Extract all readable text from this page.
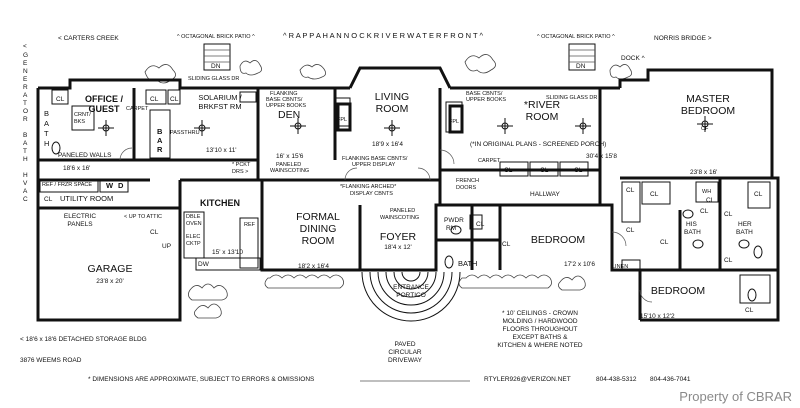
< CARTERS CREEK	^ OCTAGONAL BRICK PATIO ^	^ R A P P A H A N N O C K R I V E R W A T E R F R O N T ^	^ OCTAGONAL BRICK PATIO ^	NORRIS BRIDGE >
<
G
E
N
E
R
A
T
O
R
B
A
T
H
H
V
A
C
DN	DN
DOCK ^
OFFICE / GUEST
B
A
T
H
CL	CL CL
CRNT/ BKS
CARPET
B
A
R
PASSTHRU
PANELED WALLS
18'6 x 16'
REF / FRZR SPACE W D
CL UTILITY ROOM
ELECTRIC PANELS
< UP TO ATTIC
CL
UP
GARAGE
23'8 x 20'
< 18'6 x 18'6 DETACHED STORAGE BLDG
SOLARIUM / BRKFST RM
13'10 x 11'
* PCKT DRS >
KITCHEN
DBLE OVEN
ELEC CKTP
REF
DW
15' x 13'10
DEN
16' x 15'6
FLANKING BASE CBNTS/ UPPER BOOKS
PANELED WAINSCOTING
FPL	FPL
FORMAL DINING ROOM
18'2 x 16'4
LIVING ROOM
18'9 x 16'4
FLANKING BASE CBNTS/ UPPER DISPLAY
*FLANKING ARCHED* DISPLAY CBNTS
PANELED WAINSCOTING
FOYER
18'4 x 12'
ENTRANCE PORTICO
*RIVER ROOM
BASE CBNTS/ UPPER BOOKS
(*IN ORIGINAL PLANS - SCREENED PORCH)
30'4 x 15'8
CARPET
FRENCH DOORS
CL	CL	CL
HALLWAY
PWDR RM
CL
BATH
CL BEDROOM
17'2 x 10'6	LINEN
MASTER BEDROOM
CF
23'8 x 16'
CL
CL	WH
CL
CL
CL
CL
HIS BATH
HER BATH
CL
CL
CL
BEDROOM
15'10 x 12'2
CL
SLIDING GLASS DR
SLIDING GLASS DR
* 10' CEILINGS - CROWN MOLDING / HARDWOOD FLOORS THROUGHOUT EXCEPT BATHS & KITCHEN & WHERE NOTED
PAVED CIRCULAR DRIVEWAY
3876 WEEMS ROAD
* DIMENSIONS ARE APPROXIMATE, SUBJECT TO ERRORS & OMISSIONS	RTYLER926@VERIZON.NET	804-438-5312 804-436-7041
Property of CBRAR
